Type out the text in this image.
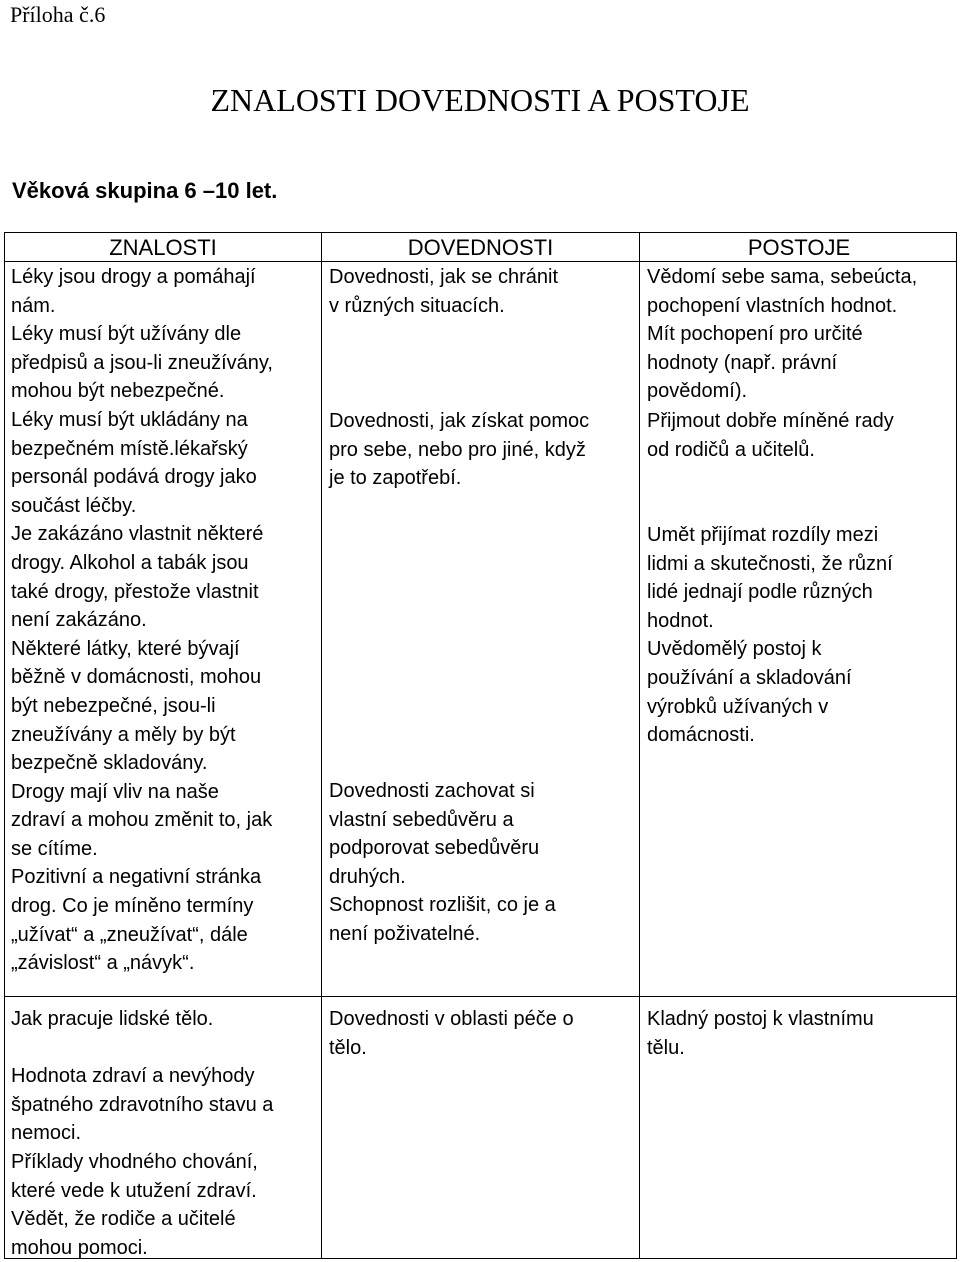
Příloha č.6
ZNALOSTI DOVEDNOSTI A POSTOJE
Věková skupina 6 –10 let.
ZNALOSTI	DOVEDNOSTI	POSTOJE
Léky jsou drogy a pomáhají
nám.
Léky musí být užívány dle
předpisů a jsou-li zneužívány,
mohou být nebezpečné.
Léky musí být ukládány na
bezpečném místě.lékařský
personál podává drogy jako
součást léčby.
Je zakázáno vlastnit některé
drogy. Alkohol a tabák jsou
také drogy, přestože vlastnit
není zakázáno.
Některé látky, které bývají
běžně v domácnosti, mohou
být nebezpečné, jsou-li
zneužívány a měly by být
bezpečně skladovány.
Drogy mají vliv na naše
zdraví a mohou změnit to, jak
se cítíme.
Pozitivní a negativní stránka
drog. Co je míněno termíny
„užívat“ a „zneužívat“, dále
„závislost“ a „návyk“.
Dovednosti, jak se chránit
v různých situacích.
Dovednosti, jak získat pomoc
pro sebe, nebo pro jiné, když
je to zapotřebí.
Dovednosti zachovat si
vlastní sebedůvěru a
podporovat sebedůvěru
druhých.
Schopnost rozlišit, co je a
není poživatelné.
Vědomí sebe sama, sebeúcta,
pochopení vlastních hodnot.
Mít pochopení pro určité
hodnoty (např. právní
povědomí).
Přijmout dobře míněné rady
od rodičů a učitelů.
Umět přijímat rozdíly mezi
lidmi a skutečnosti, že různí
lidé jednají podle různých
hodnot.
Uvědomělý postoj k
používání a skladování
výrobků užívaných v
domácnosti.
Jak pracuje lidské tělo.

Hodnota zdraví a nevýhody
špatného zdravotního stavu a
nemoci.
Příklady vhodného chování,
které vede k utužení zdraví.
Vědět, že rodiče a učitelé
mohou pomoci.
Dovednosti v oblasti péče o
tělo.
Kladný postoj k vlastnímu
tělu.
